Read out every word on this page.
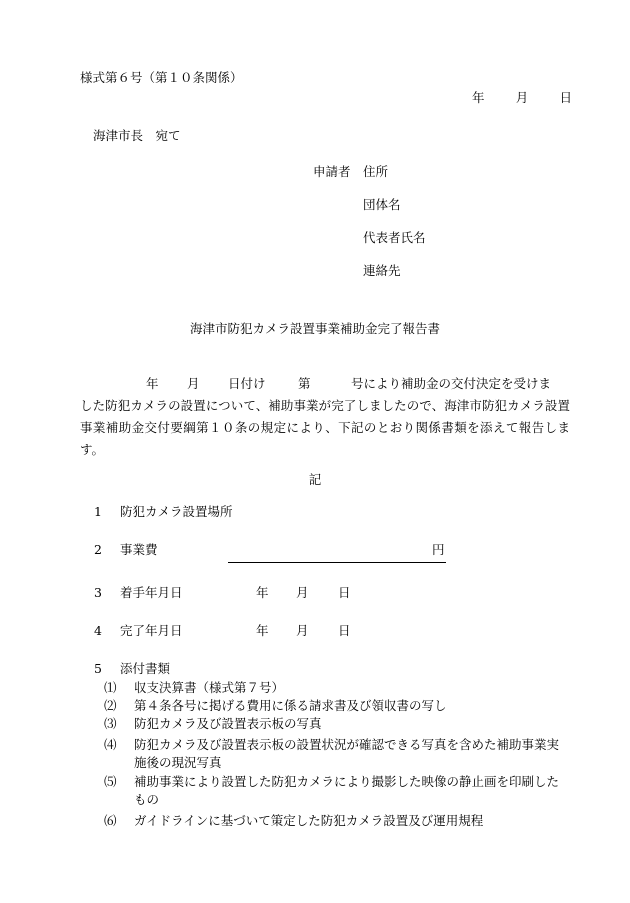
様式第６号（第１０条関係）
年 月 日
海津市長　宛て
申請者 住所
団体名
代表者氏名
連絡先
海津市防犯カメラ設置事業補助金完了報告書

年 月 日付け	第	号により補助金の交付決定を受けま

した防犯カメラの設置について、補助事業が完了しましたので、海津市防犯カメラ設置事業補助金交付要綱第１０条の規定により、下記のとおり関係書類を添えて報告します。

記
1 防犯カメラ設置場所
2 事業費	円
3 着手年月日	年 月 日
4 完了年月日	年 月 日
5 添付書類
⑴	収支決算書（様式第７号）
⑵	第４条各号に掲げる費用に係る請求書及び領収書の写し
⑶	防犯カメラ及び設置表示板の写真
⑷	防犯カメラ及び設置表示板の設置状況が確認できる写真を含めた補助事業実施後の現況写真
⑸	補助事業により設置した防犯カメラにより撮影した映像の静止画を印刷したもの
⑹	ガイドラインに基づいて策定した防犯カメラ設置及び運用規程
